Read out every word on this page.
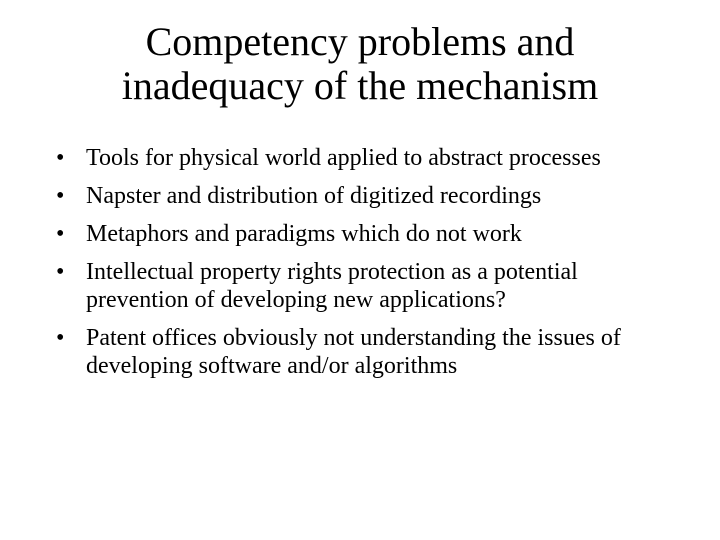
Competency problems and
inadequacy of the mechanism
• Tools for physical world applied to abstract processes
• Napster and distribution of digitized recordings
• Metaphors and paradigms which do not work
• Intellectual property rights protection as a potential prevention of developing new applications?
• Patent offices obviously not understanding the issues of developing software and/or algorithms
